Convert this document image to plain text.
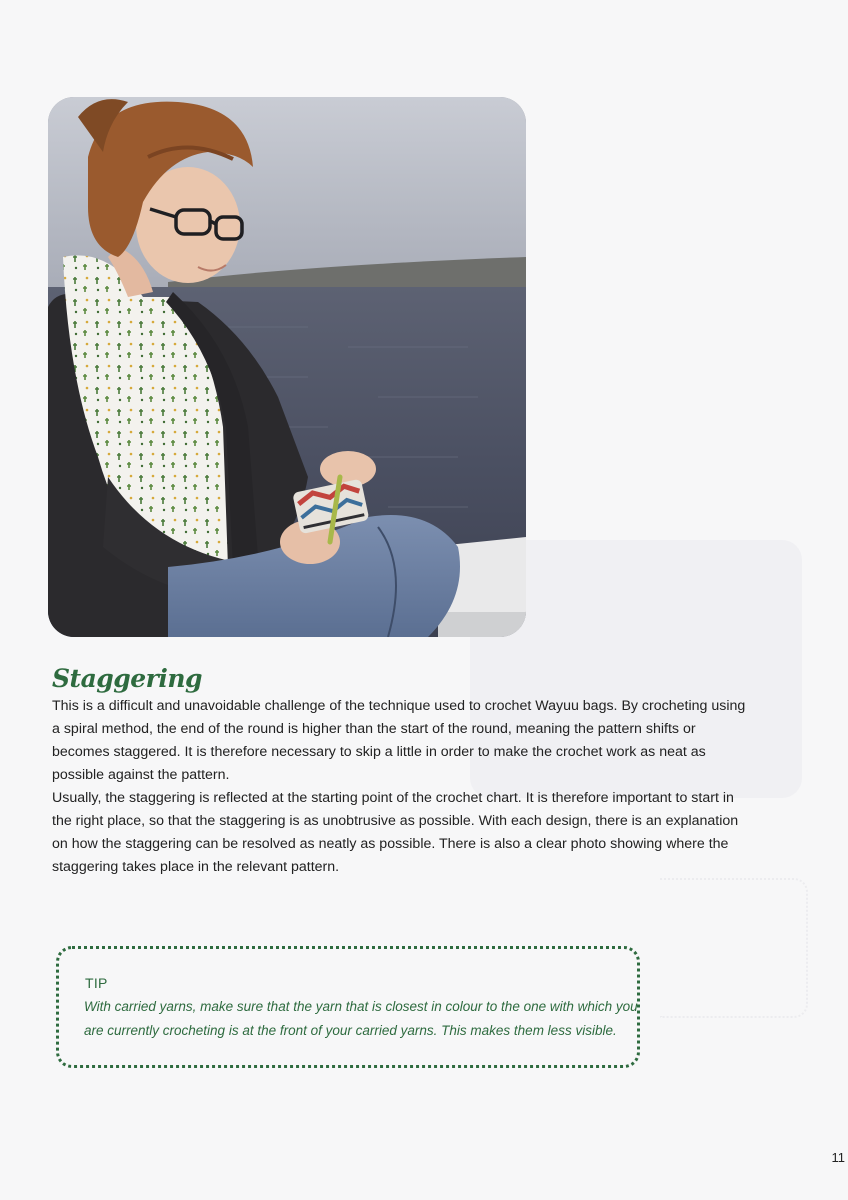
Staggering

This is a difficult and unavoidable challenge of the technique used to crochet Wayuu bags. By crocheting using a spiral method, the end of the round is higher than the start of the round, meaning the pattern shifts or becomes staggered. It is therefore necessary to skip a little in order to make the crochet work as neat as possible against the pattern.

Usually, the staggering is reflected at the starting point of the crochet chart. It is therefore important to start in the right place, so that the staggering is as unobtrusive as possible. With each design, there is an explanation on how the staggering can be resolved as neatly as possible. There is also a clear photo showing where the staggering takes place in the relevant pattern.

TIP
With carried yarns, make sure that the yarn that is closest in colour to the one with which you are currently crocheting is at the front of your carried yarns. This makes them less visible.
11
